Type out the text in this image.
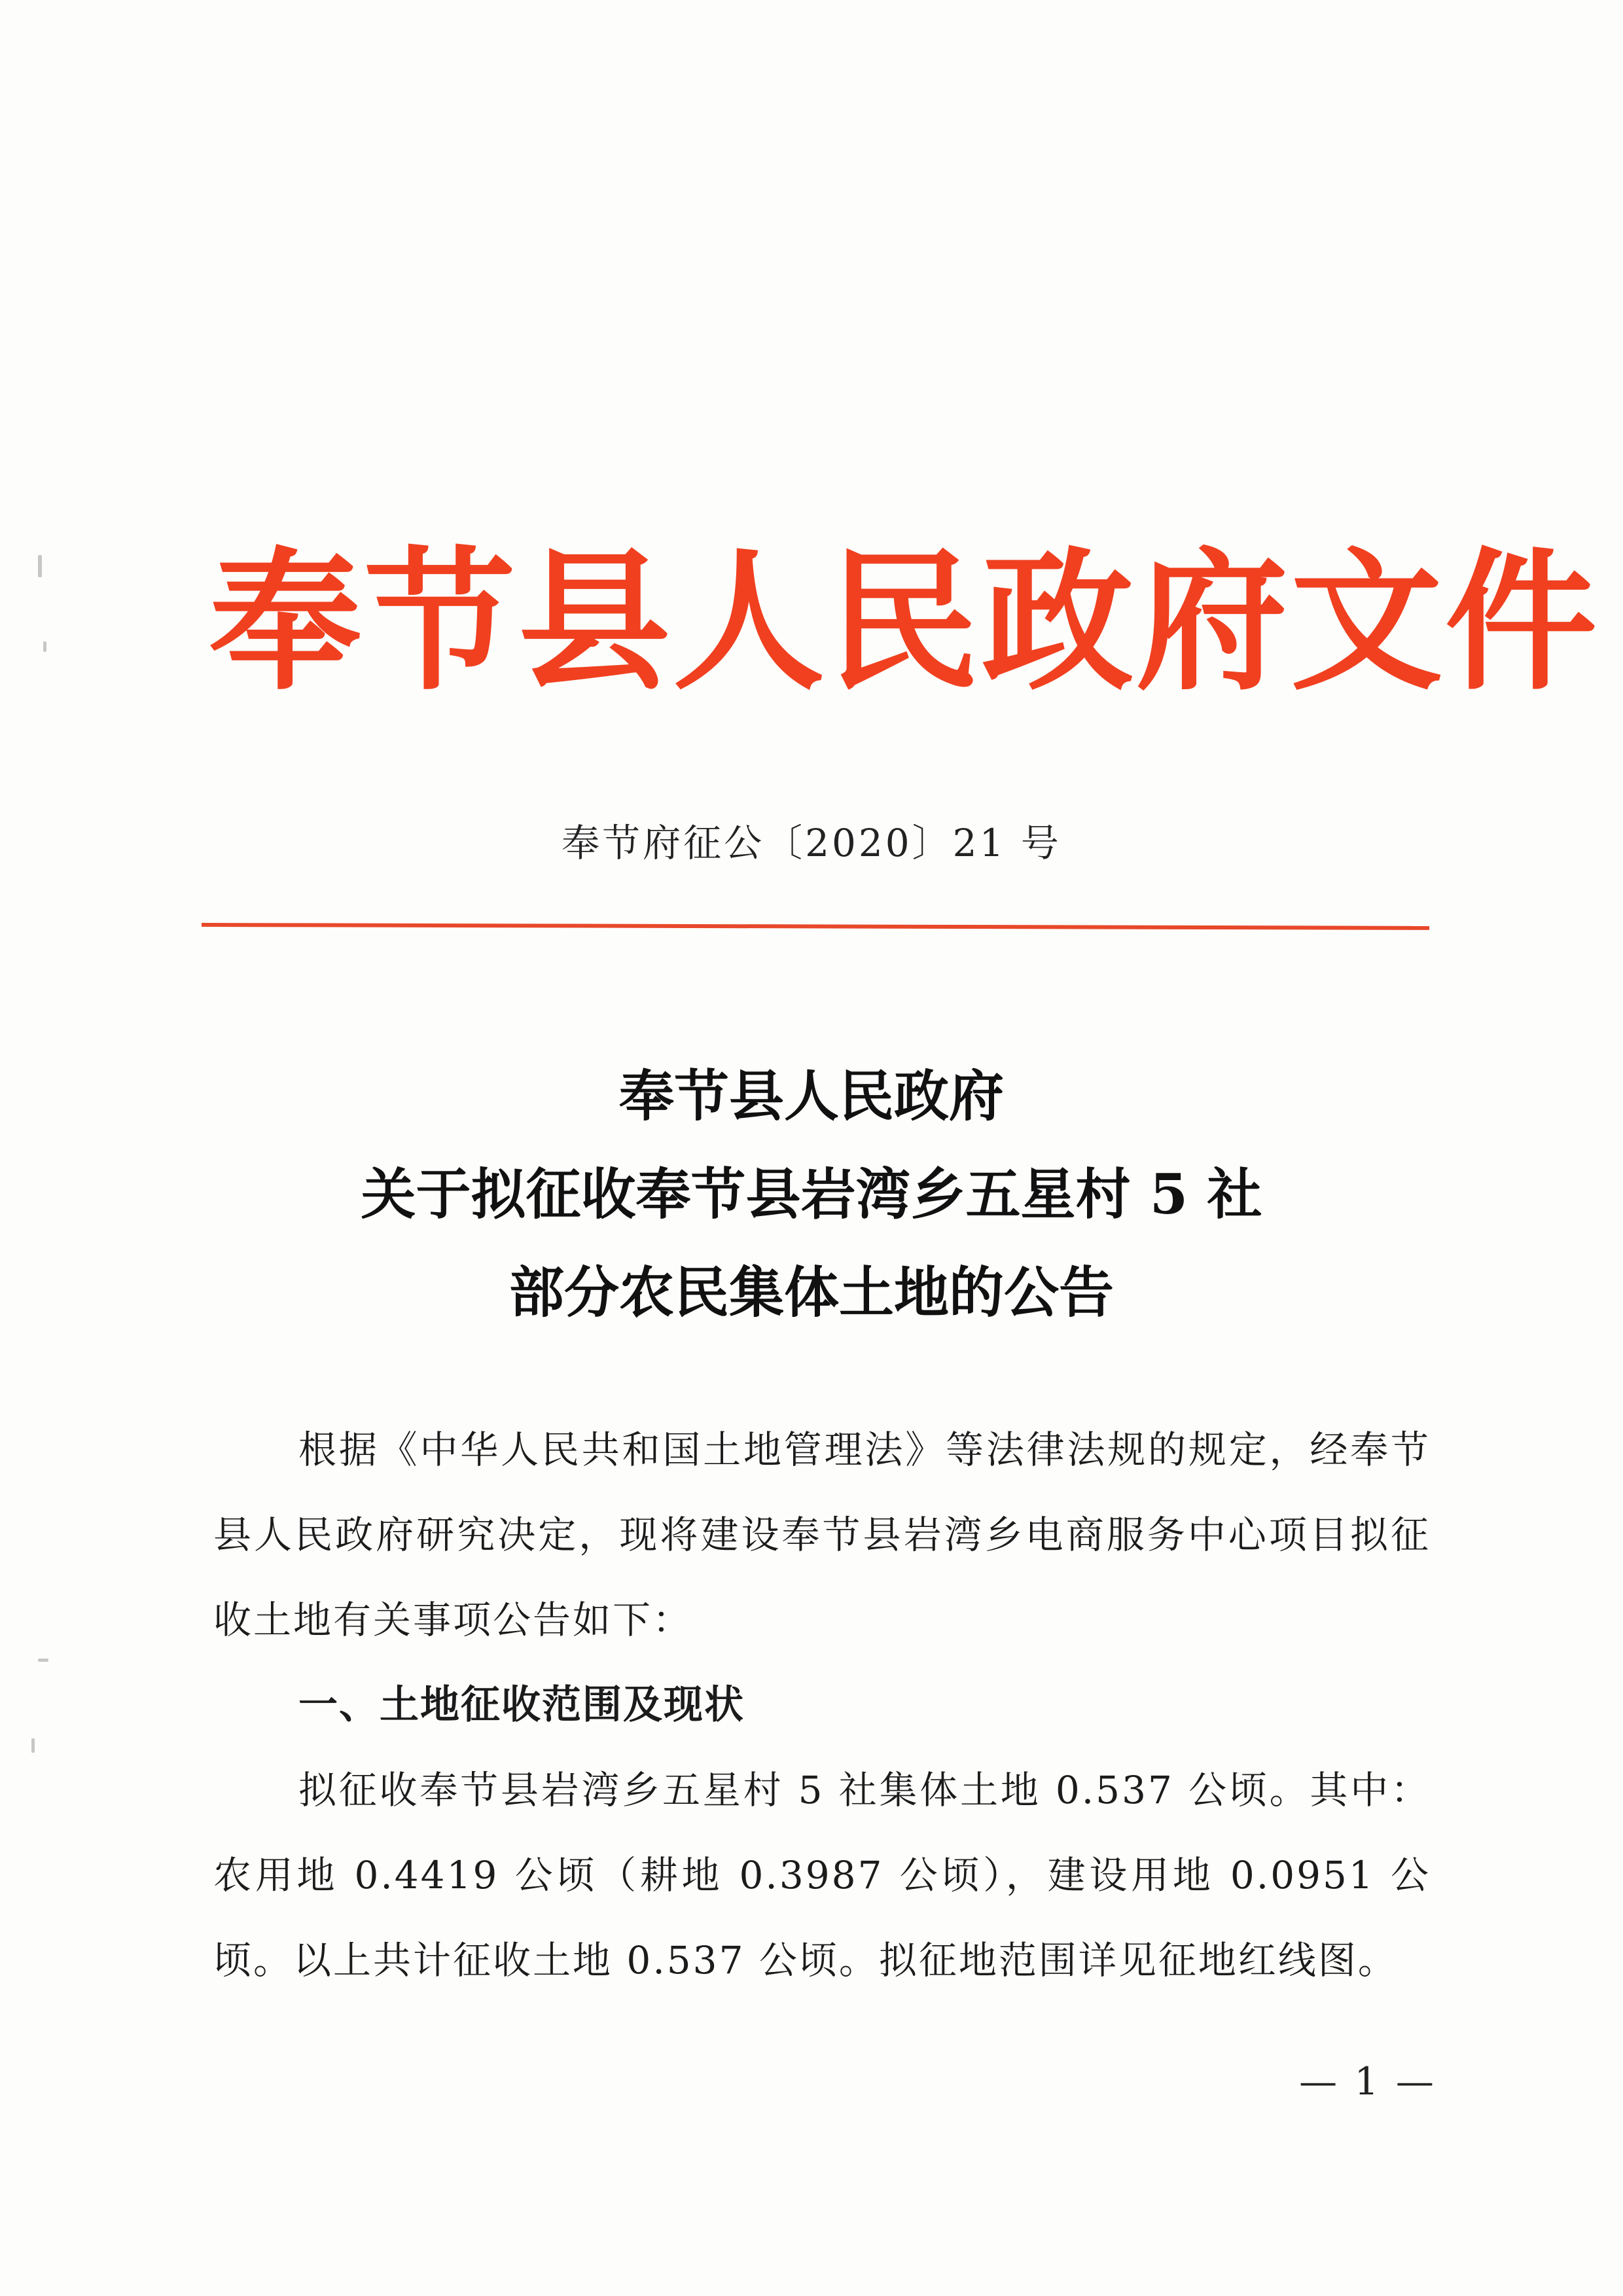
奉节县人民政府文件
奉节府征公〔2020〕21 号
奉节县人民政府
关于拟征收奉节县岩湾乡五星村 5 社
部分农民集体土地的公告

根据《中华人民共和国土地管理法》等法律法规的规定，经奉节县人民政府研究决定，现将建设奉节县岩湾乡电商服务中心项目拟征收土地有关事项公告如下：

一、土地征收范围及现状

拟征收奉节县岩湾乡五星村 5 社集体土地 0.537 公顷。其中：农用地 0.4419 公顷（耕地 0.3987 公顷），建设用地 0.0951 公顷。以上共计征收土地 0.537 公顷。拟征地范围详见征地红线图。

— 1 —
